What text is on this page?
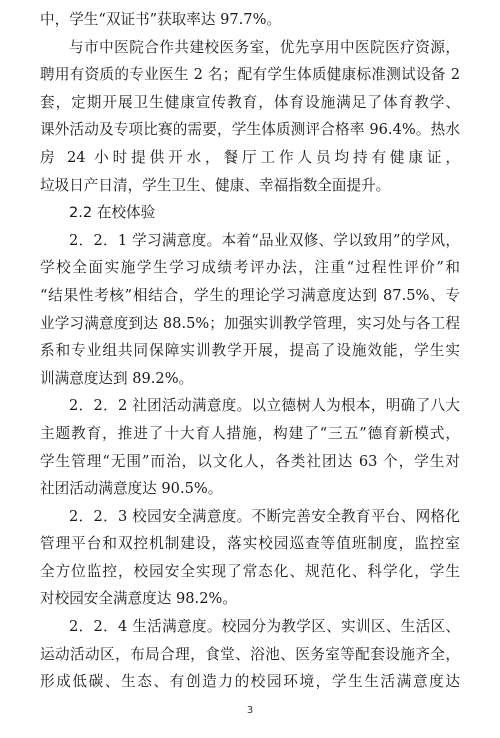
中，学生“双证书”获取率达 97.7%。
与市中医院合作共建校医务室，优先享用中医院医疗资源，
聘用有资质的专业医生 2 名；配有学生体质健康标准测试设备 2
套，定期开展卫生健康宣传教育，体育设施满足了体育教学、
课外活动及专项比赛的需要，学生体质测评合格率 96.4%。热水
房 24 小时提供开水，餐厅工作人员均持有健康证，
垃圾日产日清，学生卫生、健康、幸福指数全面提升。
2.2 在校体验
2．2．1 学习满意度。本着“品业双修、学以致用”的学风，
学校全面实施学生学习成绩考评办法，注重“过程性评价”和
“结果性考核”相结合，学生的理论学习满意度达到 87.5%、专
业学习满意度到达 88.5%；加强实训教学管理，实习处与各工程
系和专业组共同保障实训教学开展，提高了设施效能，学生实
训满意度达到 89.2%。
2．2．2 社团活动满意度。以立德树人为根本，明确了八大
主题教育，推进了十大育人措施，构建了“三五”德育新模式，
学生管理“无围”而治，以文化人，各类社团达 63 个，学生对
社团活动满意度达 90.5%。
2．2．3 校园安全满意度。不断完善安全教育平台、网格化
管理平台和双控机制建设，落实校园巡查等值班制度，监控室
全方位监控，校园安全实现了常态化、规范化、科学化，学生
对校园安全满意度达 98.2%。
2．2．4 生活满意度。校园分为教学区、实训区、生活区、
运动活动区，布局合理，食堂、浴池、医务室等配套设施齐全，
形成低碳、生态、有创造力的校园环境，学生生活满意度达
3
